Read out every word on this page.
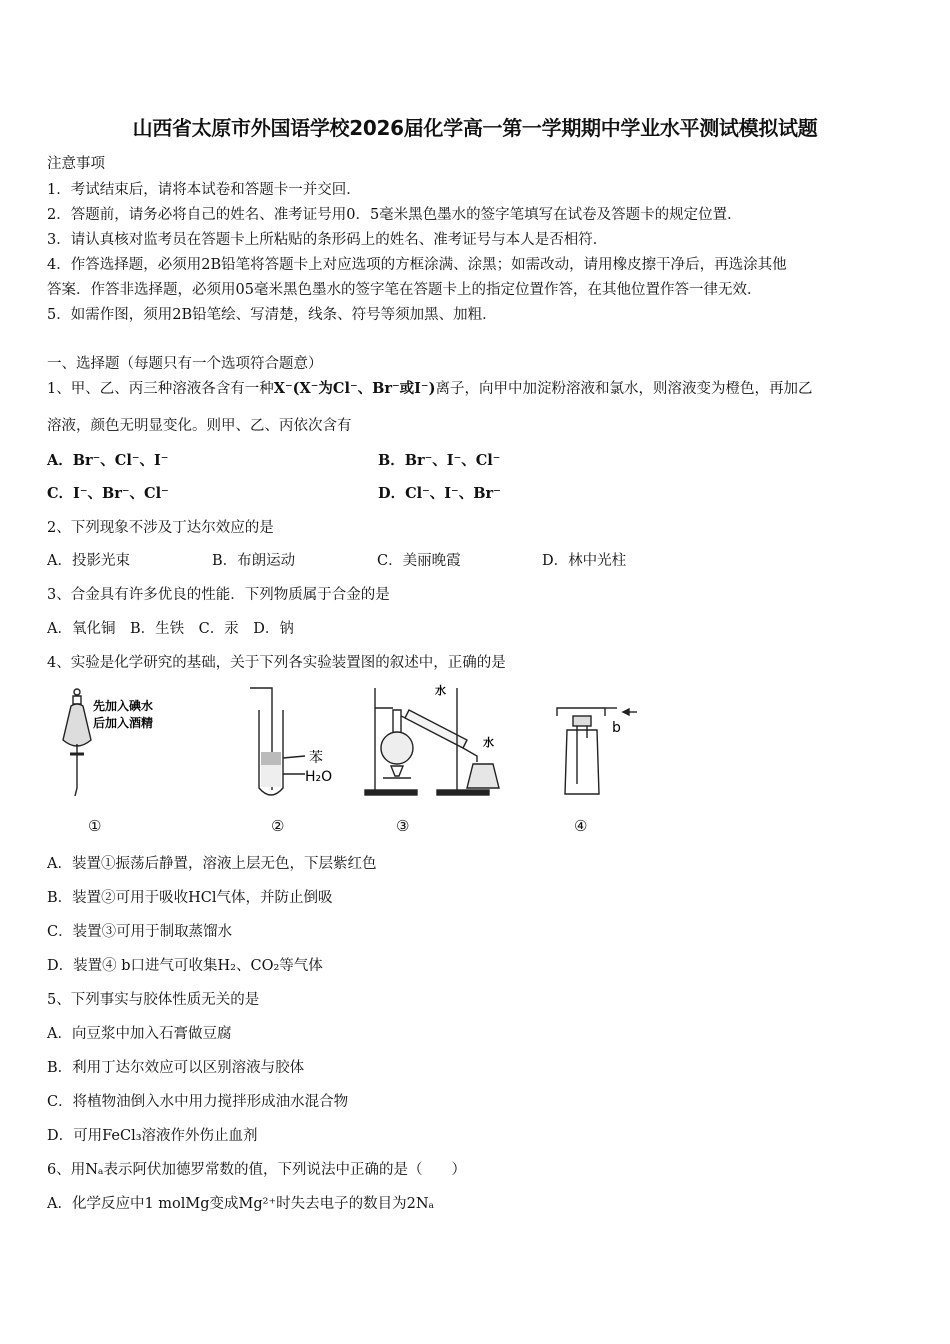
山西省太原市外国语学校2026届化学高一第一学期期中学业水平测试模拟试题
注意事项
1．考试结束后，请将本试卷和答题卡一并交回．
2．答题前，请务必将自己的姓名、准考证号用0．5毫米黑色墨水的签字笔填写在试卷及答题卡的规定位置．
3．请认真核对监考员在答题卡上所粘贴的条形码上的姓名、准考证号与本人是否相符．
4．作答选择题，必须用2B铅笔将答题卡上对应选项的方框涂满、涂黑；如需改动，请用橡皮擦干净后，再选涂其他
答案．作答非选择题，必须用05毫米黑色墨水的签字笔在答题卡上的指定位置作答，在其他位置作答一律无效．
5．如需作图，须用2B铅笔绘、写清楚，线条、符号等须加黑、加粗．
一、选择题（每题只有一个选项符合题意）
1、甲、乙、丙三种溶液各含有一种X⁻(X⁻为Cl⁻、Br⁻或I⁻)离子，向甲中加淀粉溶液和氯水，则溶液变为橙色，再加乙
溶液，颜色无明显变化。则甲、乙、丙依次含有
A．Br⁻、Cl⁻、I⁻	B．Br⁻、I⁻、Cl⁻
C．I⁻、Br⁻、Cl⁻	D．Cl⁻、I⁻、Br⁻
2、下列现象不涉及丁达尔效应的是
A．投影光束	B．布朗运动	C．美丽晚霞	D．林中光柱
3、合金具有许多优良的性能．下列物质属于合金的是
A．氧化铜　B．生铁　C．汞　D．钠
4、实验是化学研究的基础，关于下列各实验装置图的叙述中，正确的是
先加入碘水
后加入酒精
苯
H₂O
水
水
b
①	②	③	④
A．装置①振荡后静置，溶液上层无色，下层紫红色
B．装置②可用于吸收HCl气体，并防止倒吸
C．装置③可用于制取蒸馏水
D．装置④ b口进气可收集H₂、CO₂等气体
5、下列事实与胶体性质无关的是
A．向豆浆中加入石膏做豆腐
B．利用丁达尔效应可以区别溶液与胶体
C．将植物油倒入水中用力搅拌形成油水混合物
D．可用FeCl₃溶液作外伤止血剂
6、用Nₐ表示阿伏加德罗常数的值，下列说法中正确的是（　　）
A．化学反应中1 molMg变成Mg²⁺时失去电子的数目为2Nₐ
